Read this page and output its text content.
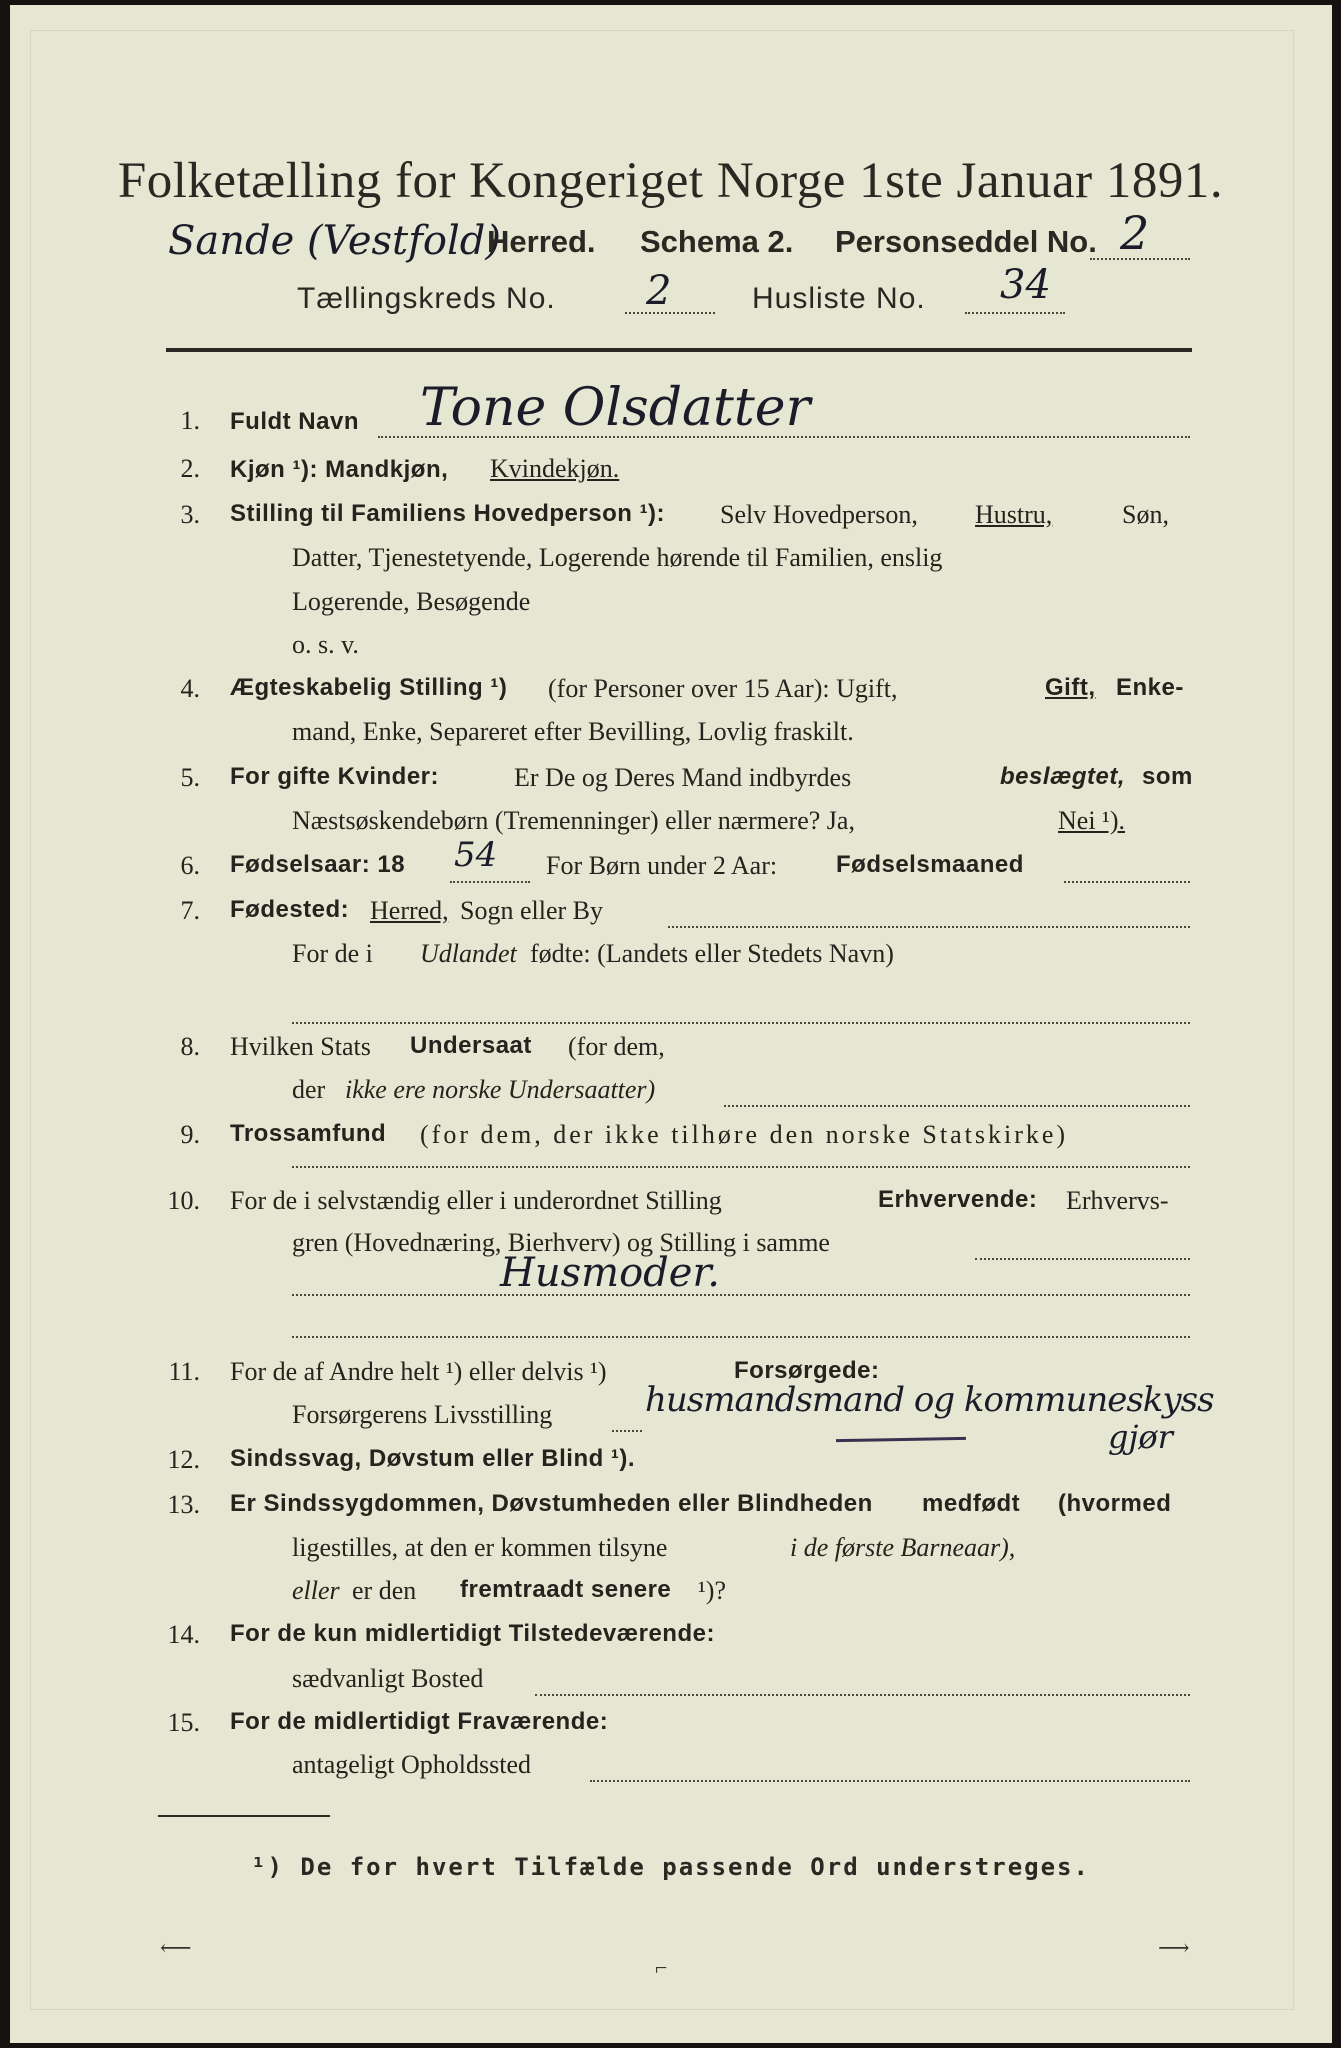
Folketælling for Kongeriget Norge 1ste Januar 1891.
Sande (Vestfold)
Herred. Schema 2. Personseddel No. 2
Tællingskreds No. 2	Husliste No. 34
1. Fuldt Navn Tone Olsdatter
2. Kjøn ¹): Mandkjøn, Kvindekjøn.
3. Stilling til Familiens Hovedperson ¹): Selv Hovedperson, Hustru,	Søn,
Datter, Tjenestetyende, Logerende hørende til Familien, enslig
Logerende, Besøgende
o. s. v.
4. Ægteskabelig Stilling ¹) (for Personer over 15 Aar): Ugift,	Gift, Enke-
mand, Enke, Separeret efter Bevilling, Lovlig fraskilt.
5. For gifte Kvinder:	Er De og Deres Mand indbyrdes	beslægtet, som
Næstsøskendebørn (Tremenninger) eller nærmere? Ja,	Nei ¹).
6. Fødselsaar: 18 54 For Børn under 2 Aar: Fødselsmaaned
7. Fødested: Herred, Sogn eller By
For de i Udlandet fødte: (Landets eller Stedets Navn)
8. Hvilken Stats Undersaat (for dem,
der ikke ere norske Undersaatter)
9. Trossamfund (for dem, der ikke tilhøre den norske Statskirke)
10. For de i selvstændig eller i underordnet Stilling	Erhvervende: Erhvervs-
gren (Hovednæring, Bierhverv) og Stilling i samme
Husmoder.
11. For de af Andre helt ¹) eller delvis ¹)	Forsørgede:
Forsørgerens Livsstilling	husmandsmand og kommuneskyss
gjør
12. Sindssvag, Døvstum eller Blind ¹).
13. Er Sindssygdommen, Døvstumheden eller Blindheden medfødt (hvormed
ligestilles, at den er kommen tilsyne	i de første Barneaar),
eller er den fremtraadt senere ¹)?
14. For de kun midlertidigt Tilstedeværende:
sædvanligt Bosted
15. For de midlertidigt Fraværende:
antageligt Opholdssted
¹) De for hvert Tilfælde passende Ord understreges.
⟵
⌐
⟶
